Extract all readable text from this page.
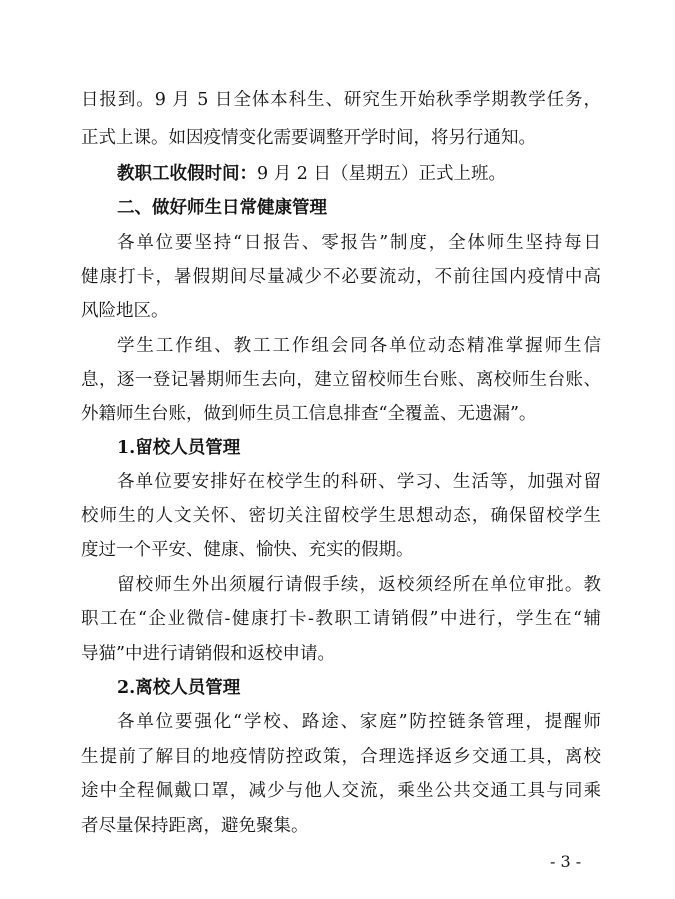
日报到。9 月 5 日全体本科生、研究生开始秋季学期教学任务，
正式上课。如因疫情变化需要调整开学时间，将另行通知。
教职工收假时间：9 月 2 日（星期五）正式上班。
二、做好师生日常健康管理
各单位要坚持“日报告、零报告”制度，全体师生坚持每日
健康打卡，暑假期间尽量减少不必要流动，不前往国内疫情中高
风险地区。
学生工作组、教工工作组会同各单位动态精准掌握师生信
息，逐一登记暑期师生去向，建立留校师生台账、离校师生台账、
外籍师生台账，做到师生员工信息排查“全覆盖、无遗漏”。
1.留校人员管理
各单位要安排好在校学生的科研、学习、生活等，加强对留
校师生的人文关怀、密切关注留校学生思想动态，确保留校学生
度过一个平安、健康、愉快、充实的假期。
留校师生外出须履行请假手续，返校须经所在单位审批。教
职工在“企业微信-健康打卡-教职工请销假”中进行，学生在“辅
导猫”中进行请销假和返校申请。
2.离校人员管理
各单位要强化“学校、路途、家庭”防控链条管理，提醒师
生提前了解目的地疫情防控政策，合理选择返乡交通工具，离校
途中全程佩戴口罩，减少与他人交流，乘坐公共交通工具与同乘
者尽量保持距离，避免聚集。
- 3 -
